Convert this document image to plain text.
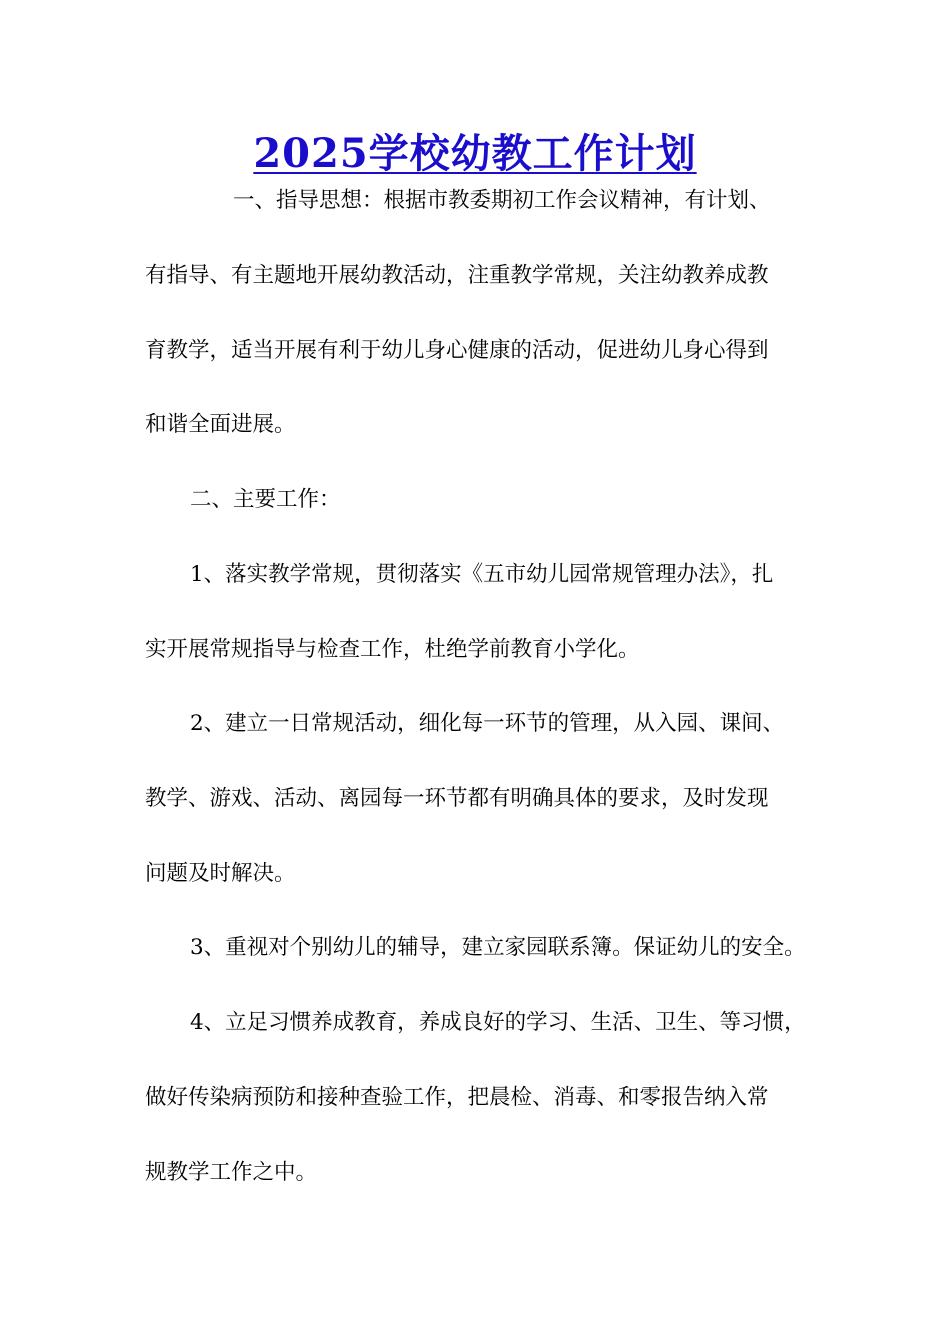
2025学校幼教工作计划
一、指导思想：根据市教委期初工作会议精神，有计划、
有指导、有主题地开展幼教活动，注重教学常规，关注幼教养成教
育教学，适当开展有利于幼儿身心健康的活动，促进幼儿身心得到
和谐全面进展。
二、主要工作：
1、落实教学常规，贯彻落实《五市幼儿园常规管理办法》，扎
实开展常规指导与检查工作，杜绝学前教育小学化。
2、建立一日常规活动，细化每一环节的管理，从入园、课间、
教学、游戏、活动、离园每一环节都有明确具体的要求，及时发现
问题及时解决。
3、重视对个别幼儿的辅导，建立家园联系簿。保证幼儿的安全。
4、立足习惯养成教育，养成良好的学习、生活、卫生、等习惯，
做好传染病预防和接种查验工作，把晨检、消毒、和零报告纳入常
规教学工作之中。
